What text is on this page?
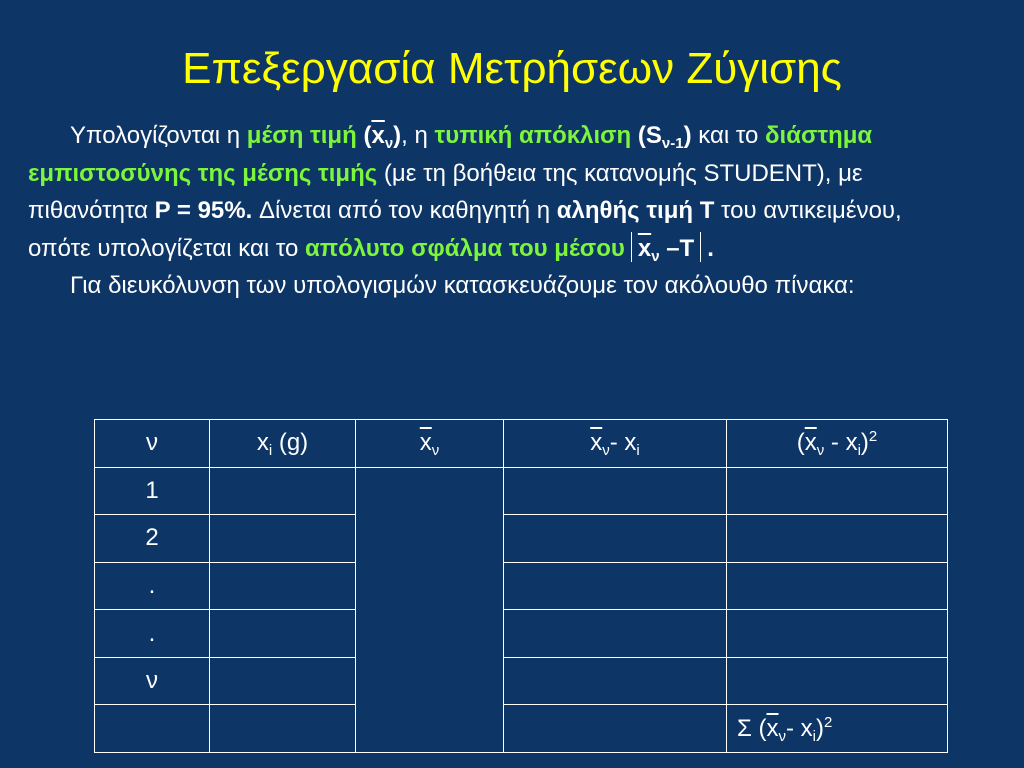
Επεξεργασία Μετρήσεων Ζύγισης

Υπολογίζονται η μέση τιμή $(\overline{x}_\nu)$, η τυπική απόκλιση $(S_{\nu-1})$ και το διάστημα εμπιστοσύνης της μέσης τιμής (με τη βοήθεια της κατανομής STUDENT), με πιθανότητα P = 95%. Δίνεται από τον καθηγητή η αληθής τιμή Τ του αντικειμένου, οπότε υπολογίζεται και το απόλυτο σφάλμα του μέσου $\overline{x}_\nu$ –Τ .

Για διευκόλυνση των υπολογισμών κατασκευάζουμε τον ακόλουθο πίνακα:

ν	$x_i$ (g)	$\overline{x}_\nu$	$\overline{x}_\nu-$ $x_i$	$(\overline{x}_\nu - x_i)^2$
1				
2				
.				
.				
ν				
				Σ ($\overline{x}_\nu-$ $x_i)^2$
